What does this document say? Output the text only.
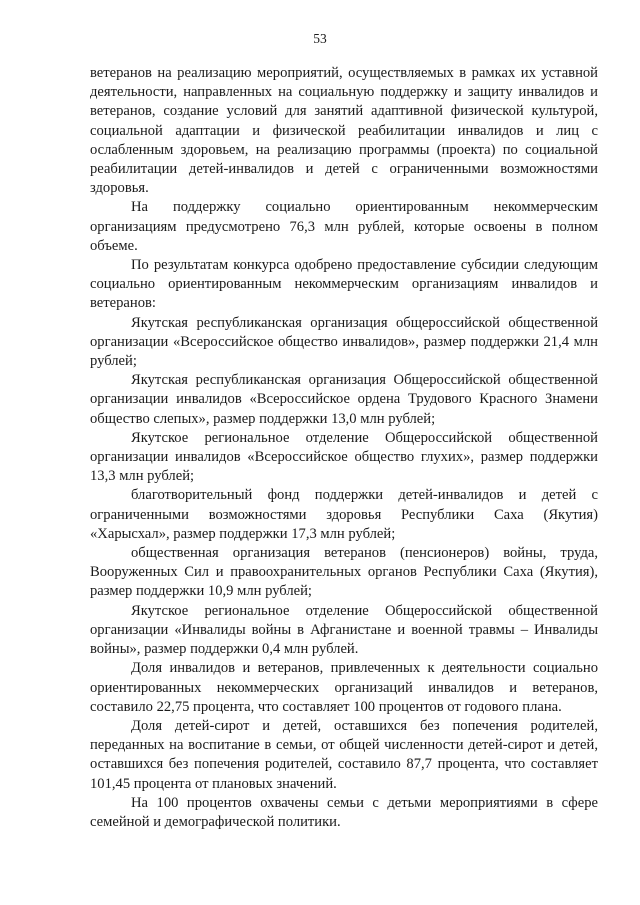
53

ветеранов на реализацию мероприятий, осуществляемых в рамках их уставной деятельности, направленных на социальную поддержку и защиту инвалидов и ветеранов, создание условий для занятий адаптивной физической культурой, социальной адаптации и физической реабилитации инвалидов и лиц с ослабленным здоровьем, на реализацию программы (проекта) по социальной реабилитации детей-инвалидов и детей с ограниченными возможностями здоровья.

На поддержку социально ориентированным некоммерческим организациям предусмотрено 76,3 млн рублей, которые освоены в полном объеме.

По результатам конкурса одобрено предоставление субсидии следующим социально ориентированным некоммерческим организациям инвалидов и ветеранов:

Якутская республиканская организация общероссийской общественной организации «Всероссийское общество инвалидов», размер поддержки 21,4 млн рублей;

Якутская республиканская организация Общероссийской общественной организации инвалидов «Всероссийское ордена Трудового Красного Знамени общество слепых», размер поддержки 13,0 млн рублей;

Якутское региональное отделение Общероссийской общественной организации инвалидов «Всероссийское общество глухих», размер поддержки 13,3 млн рублей;

благотворительный фонд поддержки детей-инвалидов и детей с ограниченными возможностями здоровья Республики Саха (Якутия) «Харысхал», размер поддержки 17,3 млн рублей;

общественная организация ветеранов (пенсионеров) войны, труда, Вооруженных Сил и правоохранительных органов Республики Саха (Якутия), размер поддержки 10,9 млн рублей;

Якутское региональное отделение Общероссийской общественной организации «Инвалиды войны в Афганистане и военной травмы – Инвалиды войны», размер поддержки 0,4 млн рублей.

Доля инвалидов и ветеранов, привлеченных к деятельности социально ориентированных некоммерческих организаций инвалидов и ветеранов, составило 22,75 процента, что составляет 100 процентов от годового плана.

Доля детей-сирот и детей, оставшихся без попечения родителей, переданных на воспитание в семьи, от общей численности детей-сирот и детей, оставшихся без попечения родителей, составило 87,7 процента, что составляет 101,45 процента от плановых значений.

На 100 процентов охвачены семьи с детьми мероприятиями в сфере семейной и демографической политики.
